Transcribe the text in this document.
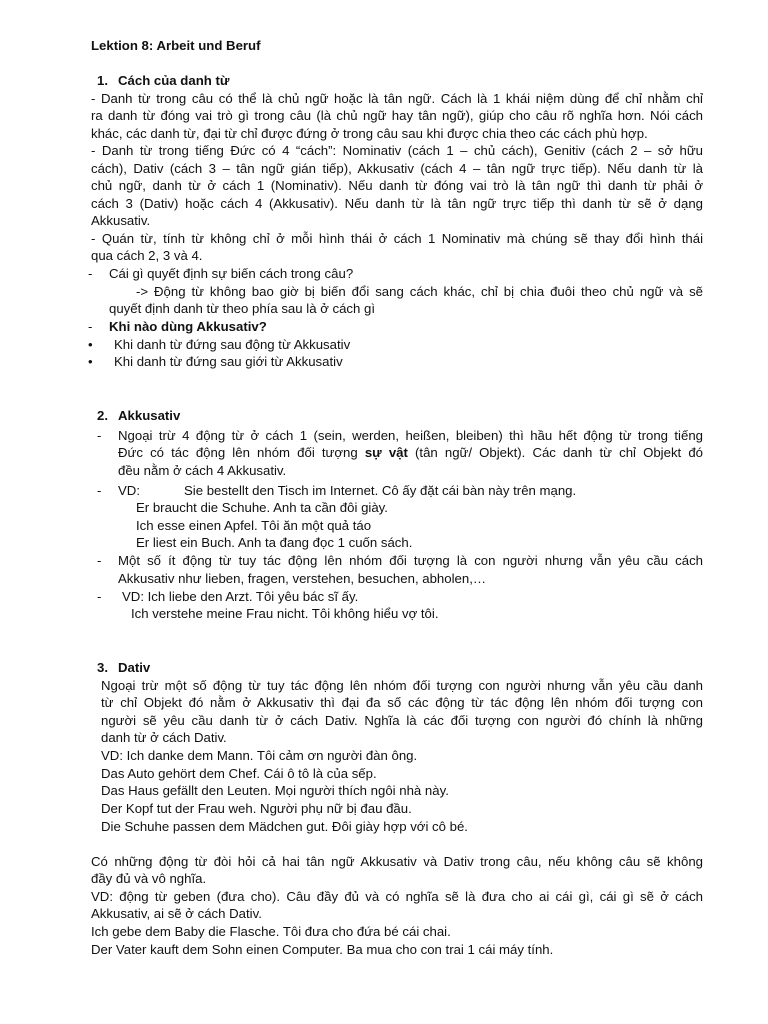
Lektion 8: Arbeit und Beruf
1. Cách của danh từ
- Danh từ trong câu có thể là chủ ngữ hoặc là tân ngữ. Cách là 1 khái niệm dùng để chỉ nhằm chỉ
ra danh từ đóng vai trò gì trong câu (là chủ ngữ hay tân ngữ), giúp cho câu rõ nghĩa hơn. Nói cách
khác, các danh từ, đại từ chỉ được đứng ở trong câu sau khi được chia theo các cách phù hợp.
- Danh từ trong tiếng Đức có 4 “cách”: Nominativ (cách 1 – chủ cách), Genitiv (cách 2 – sở hữu
cách), Dativ (cách 3 – tân ngữ gián tiếp), Akkusativ (cách 4 – tân ngữ trực tiếp). Nếu danh từ là
chủ ngữ, danh từ ở cách 1 (Nominativ). Nếu danh từ đóng vai trò là tân ngữ thì danh từ phải ở
cách 3 (Dativ) hoặc cách 4 (Akkusativ). Nếu danh từ là tân ngữ trực tiếp thì danh từ sẽ ở dạng
Akkusativ.
- Quán từ, tính từ không chỉ ở mỗi hình thái ở cách 1 Nominativ mà chúng sẽ thay đổi hình thái
qua cách 2, 3 và 4.
- Cái gì quyết định sự biến cách trong câu?
-> Động từ không bao giờ bị biến đổi sang cách khác, chỉ bị chia đuôi theo chủ ngữ và sẽ
quyết định danh từ theo phía sau là ở cách gì
- Khi nào dùng Akkusativ?
• Khi danh từ đứng sau động từ Akkusativ
• Khi danh từ đứng sau giới từ Akkusativ
2. Akkusativ
- Ngoại trừ 4 động từ ở cách 1 (sein, werden, heißen, bleiben) thì hầu hết động từ trong tiếng
Đức có tác động lên nhóm đối tượng sự vật (tân ngữ/ Objekt). Các danh từ chỉ Objekt đó
đều nằm ở cách 4 Akkusativ.
- VD:	Sie bestellt den Tisch im Internet. Cô ấy đặt cái bàn này trên mạng.
Er braucht die Schuhe. Anh ta cần đôi giày.
Ich esse einen Apfel. Tôi ăn một quả táo
Er liest ein Buch. Anh ta đang đọc 1 cuốn sách.
- Một số ít động từ tuy tác động lên nhóm đối tượng là con người nhưng vẫn yêu cầu cách
Akkusativ như lieben, fragen, verstehen, besuchen, abholen,…
- VD: Ich liebe den Arzt. Tôi yêu bác sĩ ấy.
Ich verstehe meine Frau nicht. Tôi không hiểu vợ tôi.
3. Dativ
Ngoại trừ một số động từ tuy tác động lên nhóm đối tượng con người nhưng vẫn yêu cầu danh
từ chỉ Objekt đó nằm ở Akkusativ thì đại đa số các động từ tác động lên nhóm đối tượng con
người sẽ yêu cầu danh từ ở cách Dativ. Nghĩa là các đối tượng con người đó chính là những
danh từ ở cách Dativ.
VD: Ich danke dem Mann. Tôi cảm ơn người đàn ông.
Das Auto gehört dem Chef. Cái ô tô là của sếp.
Das Haus gefällt den Leuten. Mọi người thích ngôi nhà này.
Der Kopf tut der Frau weh. Người phụ nữ bị đau đầu.
Die Schuhe passen dem Mädchen gut. Đôi giày hợp với cô bé.
Có những động từ đòi hỏi cả hai tân ngữ Akkusativ và Dativ trong câu, nếu không câu sẽ không
đầy đủ và vô nghĩa.
VD: động từ geben (đưa cho). Câu đầy đủ và có nghĩa sẽ là đưa cho ai cái gì, cái gì sẽ ở cách
Akkusativ, ai sẽ ở cách Dativ.
Ich gebe dem Baby die Flasche. Tôi đưa cho đứa bé cái chai.
Der Vater kauft dem Sohn einen Computer. Ba mua cho con trai 1 cái máy tính.
